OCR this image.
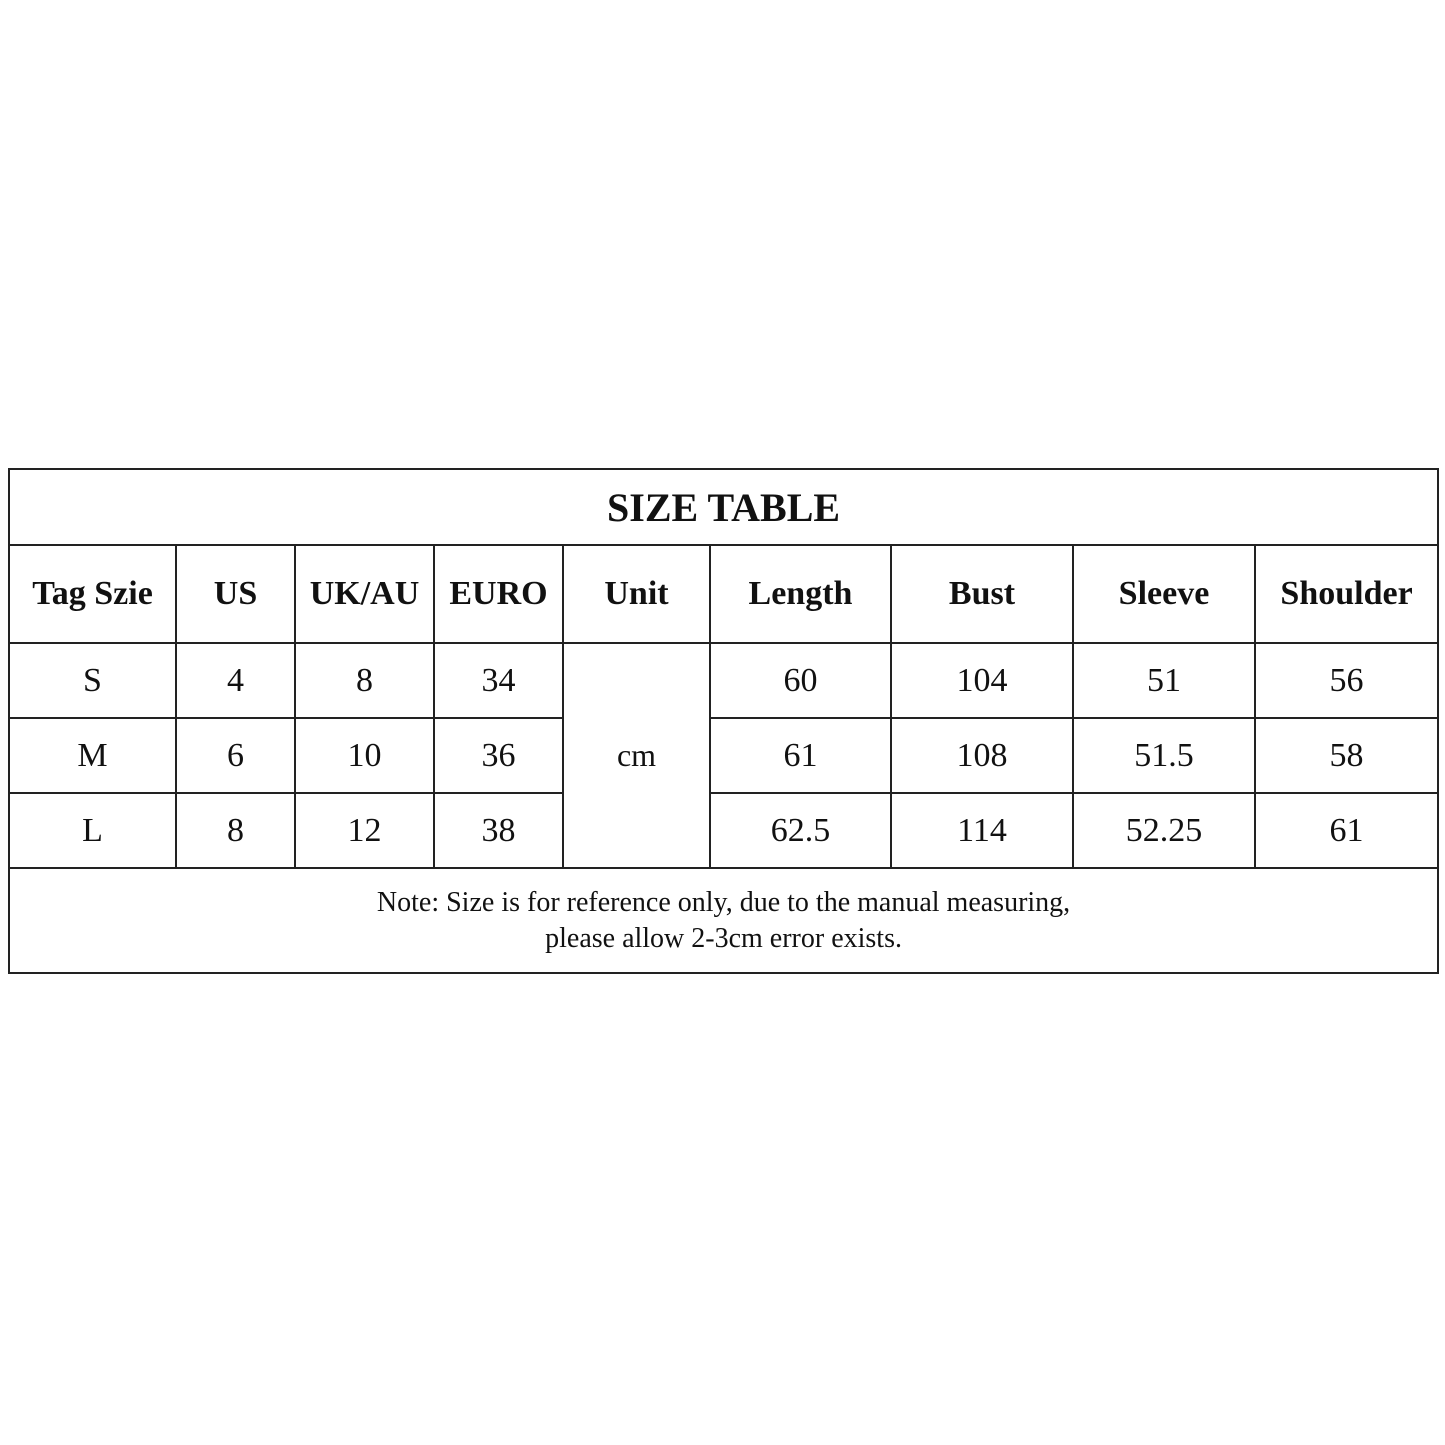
SIZE TABLE								
Tag Szie	US	UK/AU	EURO	Unit	Length	Bust	Sleeve	Shoulder
S	4	8	34	cm	60	104	51	56
M	6	10	36		61	108	51.5	58
L	8	12	38		62.5	114	52.25	61

Note: Size is for reference only, due to the manual measuring,
please allow 2-3cm error exists.								
